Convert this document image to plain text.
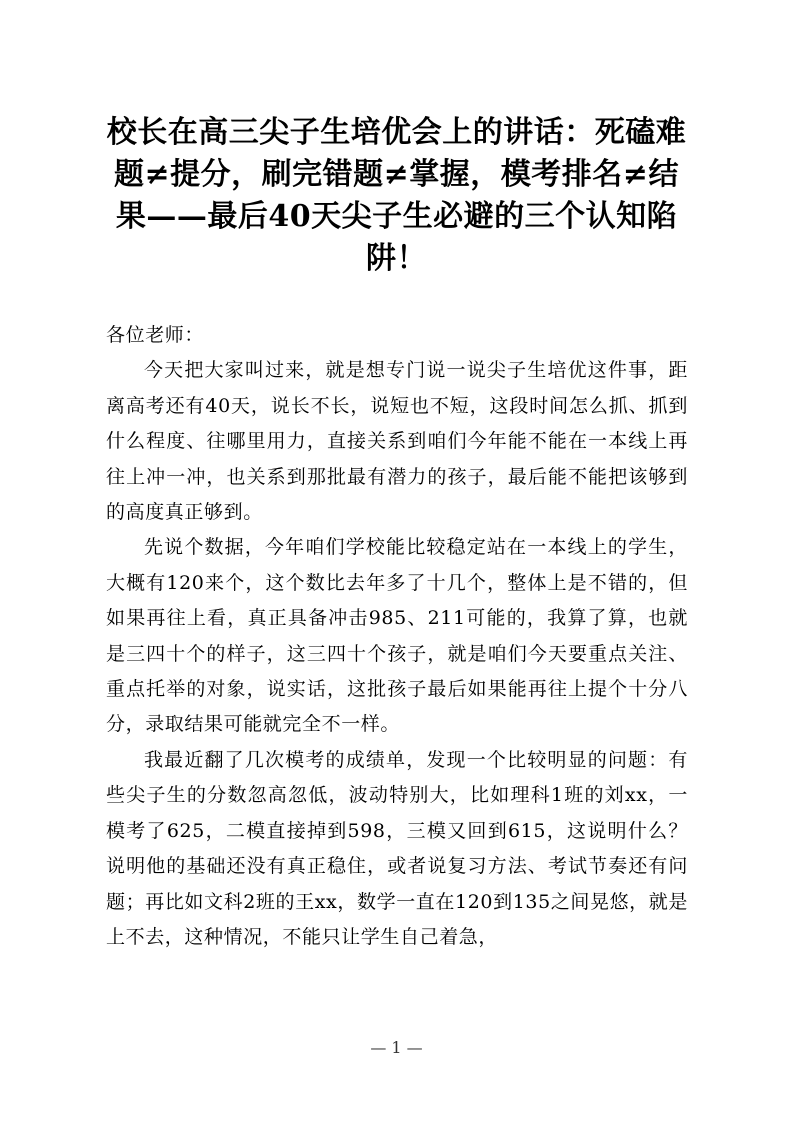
校长在高三尖子生培优会上的讲话：死磕难题≠提分，刷完错题≠掌握，模考排名≠结果——最后40天尖子生必避的三个认知陷阱！

各位老师：

今天把大家叫过来，就是想专门说一说尖子生培优这件事，距离高考还有40天，说长不长，说短也不短，这段时间怎么抓、抓到什么程度、往哪里用力，直接关系到咱们今年能不能在一本线上再往上冲一冲，也关系到那批最有潜力的孩子，最后能不能把该够到的高度真正够到。

先说个数据，今年咱们学校能比较稳定站在一本线上的学生，大概有120来个，这个数比去年多了十几个，整体上是不错的，但如果再往上看，真正具备冲击985、211可能的，我算了算，也就是三四十个的样子，这三四十个孩子，就是咱们今天要重点关注、重点托举的对象，说实话，这批孩子最后如果能再往上提个十分八分，录取结果可能就完全不一样。

我最近翻了几次模考的成绩单，发现一个比较明显的问题：有些尖子生的分数忽高忽低，波动特别大，比如理科1班的刘xx，一模考了625，二模直接掉到598，三模又回到615，这说明什么？说明他的基础还没有真正稳住，或者说复习方法、考试节奏还有问题；再比如文科2班的王xx，数学一直在120到135之间晃悠，就是上不去，这种情况，不能只让学生自己着急，

— 1 —
